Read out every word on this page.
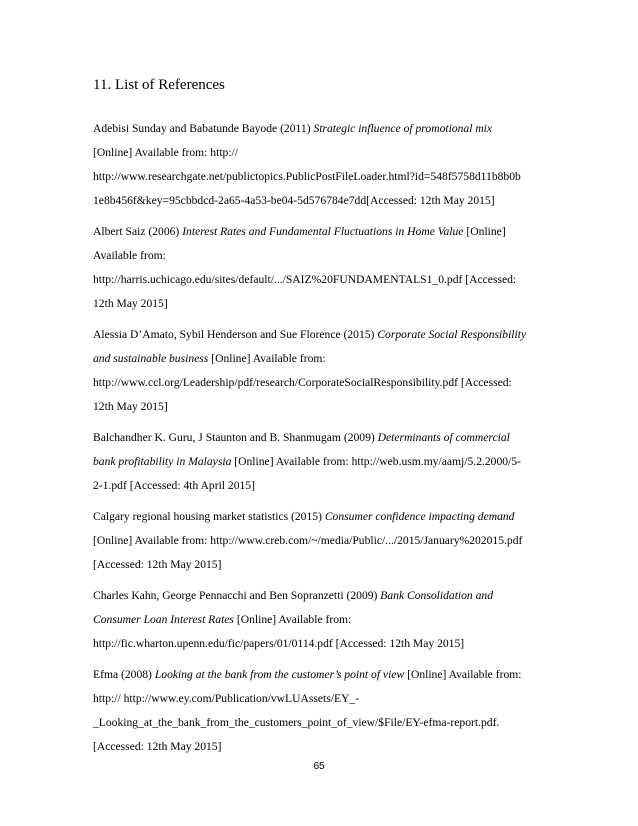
11. List of References
Adebisi Sunday and Babatunde Bayode (2011) Strategic influence of promotional mix
[Online] Available from: http://
http://www.researchgate.net/publictopics.PublicPostFileLoader.html?id=548f5758d11b8b0b
1e8b456f&key=95cbbdcd-2a65-4a53-be04-5d576784e7dd[Accessed: 12th May 2015]
Albert Saiz (2006) Interest Rates and Fundamental Fluctuations in Home Value [Online]
Available from:
http://harris.uchicago.edu/sites/default/.../SAIZ%20FUNDAMENTALS1_0.pdf [Accessed:
12th May 2015]
Alessia D’Amato, Sybil Henderson and Sue Florence (2015) Corporate Social Responsibility
and sustainable business [Online] Available from:
http://www.ccl.org/Leadership/pdf/research/CorporateSocialResponsibility.pdf [Accessed:
12th May 2015]
Balchandher K. Guru, J Staunton and B. Shanmugam (2009) Determinants of commercial
bank profitability in Malaysia [Online] Available from: http://web.usm.my/aamj/5.2.2000/5-
2-1.pdf [Accessed: 4th April 2015]
Calgary regional housing market statistics (2015) Consumer confidence impacting demand
[Online] Available from: http://www.creb.com/~/media/Public/.../2015/January%202015.pdf
[Accessed: 12th May 2015]
Charles Kahn, George Pennacchi and Ben Sopranzetti (2009) Bank Consolidation and
Consumer Loan Interest Rates [Online] Available from:
http://fic.wharton.upenn.edu/fic/papers/01/0114.pdf [Accessed: 12th May 2015]
Efma (2008) Looking at the bank from the customer’s point of view [Online] Available from:
http:// http://www.ey.com/Publication/vwLUAssets/EY_-
_Looking_at_the_bank_from_the_customers_point_of_view/$File/EY-efma-report.pdf.
[Accessed: 12th May 2015]
65
